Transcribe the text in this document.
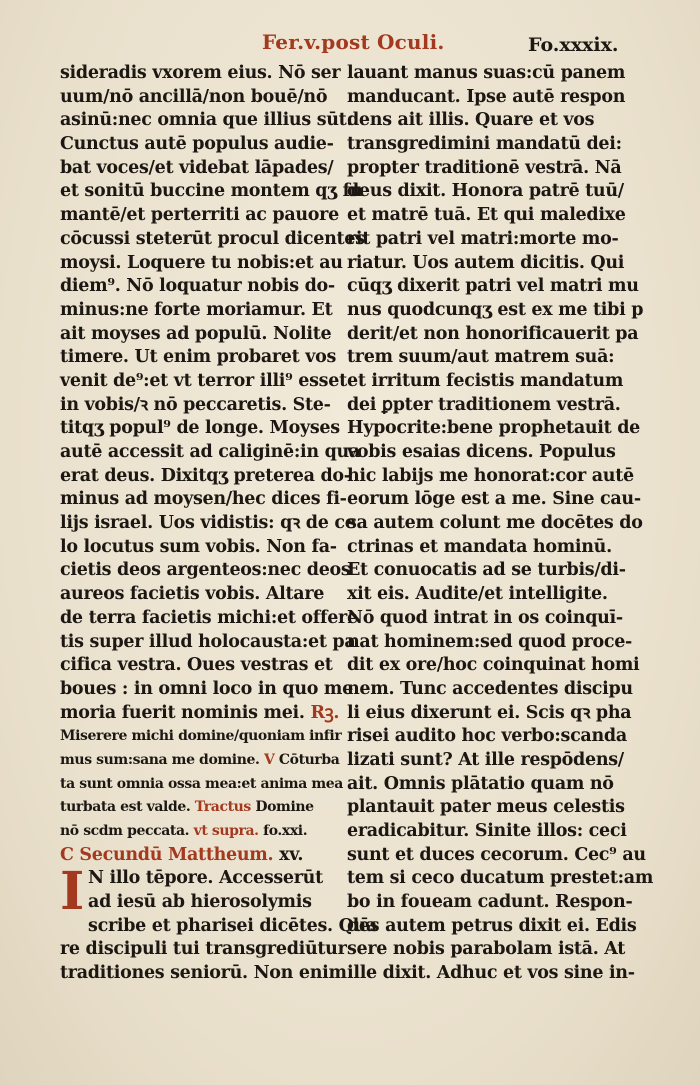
Fer.v.post Oculi.	Fo.xxxix.
sideradis vxorem eius. Nō ser
uum/nō ancillā/non bouē/nō
asinū:nec omnia que illius sūt.
Cunctus autē populus audie-
bat voces/et videbat lāpades/
et sonitū buccine montem qʒ fu
mantē/et perterriti ac pauore
cōcussi steterūt procul dicentes
moysi. Loquere tu nobis:et au
diem⁹. Nō loquatur nobis do-
minus:ne forte moriamur. Et
ait moyses ad populū. Nolite
timere. Ut enim probaret vos
venit de⁹:et vt terror illi⁹ esset
in vobis/ꝛ nō peccaretis. Ste-
titqʒ popul⁹ de longe. Moyses
autē accessit ad caliginē:in qua
erat deus. Dixitqʒ preterea do-
minus ad moysen/hec dices fi-
lijs israel. Uos vidistis: qꝛ de ce
lo locutus sum vobis. Non fa-
cietis deos argenteos:nec deos
aureos facietis vobis. Altare
de terra facietis michi:et offere
tis super illud holocausta:et pa
cifica vestra. Oues vestras et
boues : in omni loco in quo me
moria fuerit nominis mei. Rꝫ.
Miserere michi domine/quoniam infir
mus sum:sana me domine. V Cōturba
ta sunt omnia ossa mea:et anima mea
turbata est valde. Tractus Domine
nō scdm peccata. vt supra. fo.xxi.
C Secundū Mattheum. xv.
I N illo tēpore. Accesserūt
ad iesū ab hierosolymis
scribe et pharisei dicētes. Qua
re discipuli tui transgrediūtur
traditiones seniorū. Non enim
lauant manus suas:cū panem
manducant. Ipse autē respon
dens ait illis. Quare et vos
transgredimini mandatū dei:
propter traditionē vestrā. Nā
deus dixit. Honora patrē tuū/
et matrē tuā. Et qui maledixe
rit patri vel matri:morte mo-
riatur. Uos autem dicitis. Qui
cūqʒ dixerit patri vel matri mu
nus quodcunqʒ est ex me tibi p
derit/et non honorificauerit pa
trem suum/aut matrem suā:
et irritum fecistis mandatum
dei ꝑpter traditionem vestrā.
Hypocrite:bene prophetauit de
vobis esaias dicens. Populus
hic labijs me honorat:cor autē
eorum lōge est a me. Sine cau-
sa autem colunt me docētes do
ctrinas et mandata hominū.
Et conuocatis ad se turbis/di-
xit eis. Audite/et intelligite.
Nō quod intrat in os coinquī-
nat hominem:sed quod proce-
dit ex ore/hoc coinquinat homi
nem. Tunc accedentes discipu
li eius dixerunt ei. Scis qꝛ pha
risei audito hoc verbo:scanda
lizati sunt? At ille respōdens/
ait. Omnis plātatio quam nō
plantauit pater meus celestis
eradicabitur. Sinite illos: ceci
sunt et duces cecorum. Cec⁹ au
tem si ceco ducatum prestet:am
bo in foueam cadunt. Respon-
dēs autem petrus dixit ei. Edis
sere nobis parabolam istā. At
ille dixit. Adhuc et vos sine in-
